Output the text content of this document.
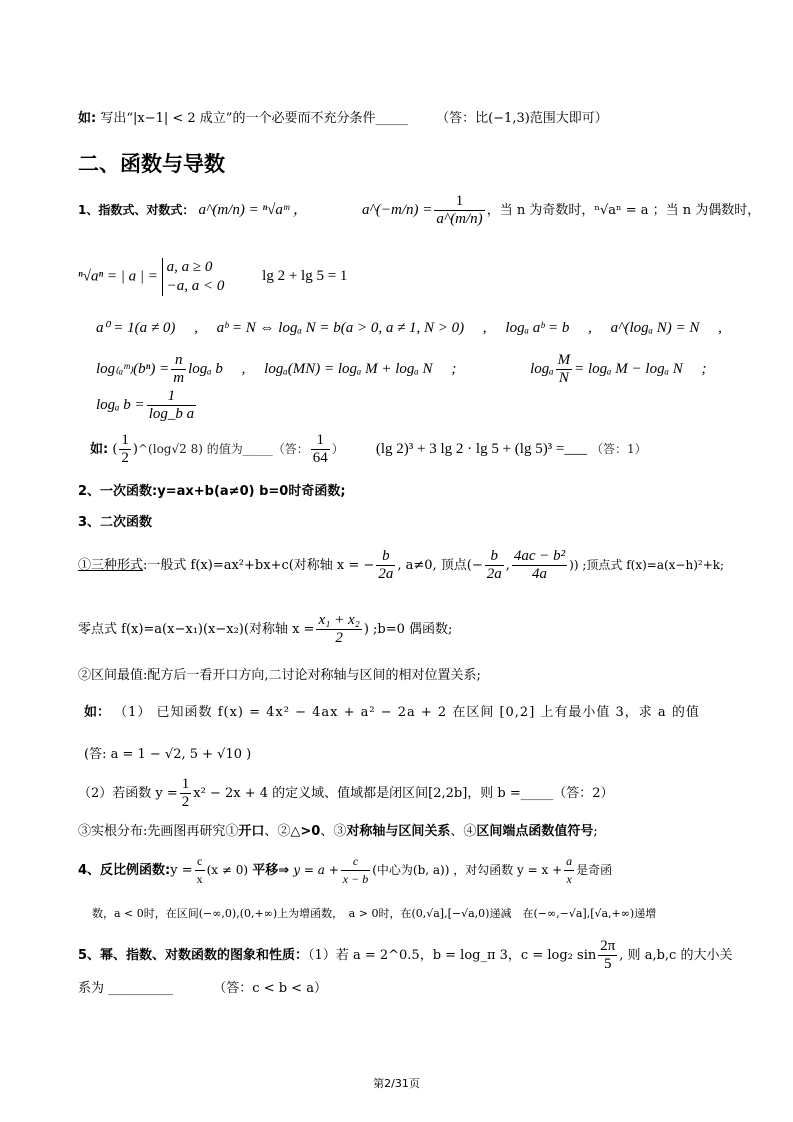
如: 写出“|x−1| < 2 成立”的一个必要而不充分条件_____ （答：比(−1,3)范围大即可）
二、函数与导数
1、指数式、对数式： a^(m/n) = ⁿ√aᵐ ，	a^(−m/n) = $\frac{1}{a\^{}(m/n)}$ ，当 n 为奇数时，ⁿ√aⁿ = a ；当 n 为偶数时，
ⁿ√aⁿ = | a | =
a, a ≥ 0
−a, a < 0
lg 2 + lg 5 = 1
a⁰ = 1(a ≠ 0)　 ,　 aᵇ = N ⇔ logₐ N = b(a > 0, a ≠ 1, N > 0)　 ,　 logₐ aᵇ = b　 ,　 a^(logₐ N) = N　 ,
log₍ₐᵐ₎(bⁿ) = $\frac{n}{m}$ logₐ b　 ,　 logₐ(MN) = logₐ M + logₐ N　 ;	logₐ $\frac{M}{N} = \log_a$ M − logₐ N　 ;
logₐ $b = \frac{1}{\text{log\_b a}}$
如: ( $\frac{1}{2}$ )^(log√2 8) 的值为_____（答： $\frac{1}{64}$ ） (lg 2)³ + 3 lg 2 · lg 5 + (lg 5)³ =___ （答：1）
2、一次函数:y=ax+b(a≠0) b=0时奇函数;
3、二次函数
①三种形式:一般式 f(x)=ax²+bx+c(对称轴 x = − $\frac{b}{2a}$ , a≠0, 顶点(− $\frac{b}{2a}$ , $\frac{\text{4ac − b²}}{4a}$ )) ;顶点式 f(x)=a(x−h)²+k;
零点式 f(x)=a(x−x₁)(x−x₂)(对称轴 $x = \frac{\text{x₁ + x₂}}{2}$ ) ;b=0 偶函数;
②区间最值:配方后一看开口方向,二讨论对称轴与区间的相对位置关系;
如： （1） 已知函数 f(x) = 4x² − 4ax + a² − 2a + 2 在区间 [0,2] 上有最小值 3，求 a 的值
(答: a = 1 − √2, 5 + √10 )
（2）若函数 $y = \frac{1}{2} x^2 - 2x + 4$ 的定义域、值域都是闭区间[2,2b]，则 b =_____（答：2）
③实根分布:先画图再研究①开口、②△>0、③对称轴与区间关系、④区间端点函数值符号;
4、反比例函数:y = $\frac{c}{x} (x \ne 0)$ 平移⇒ $y = a + \frac{c}{x - b}$ (中心为(b, a)) ，对勾函数 $y = x + \frac{a}{x}$ 是奇函
数，a < 0时，在区间(−∞,0),(0,+∞)上为增函数，　a > 0时，在(0,√a],[−√a,0)递减　在(−∞,−√a],[√a,+∞)递增
5、幂、指数、对数函数的图象和性质：（1）若 a = 2^0.5，b = log_π 3，c = log₂ $\sin \frac{2\pi}{5}$ , 则 a,b,c 的大小关
系为 __________	（答：c < b < a）
第2/31页
